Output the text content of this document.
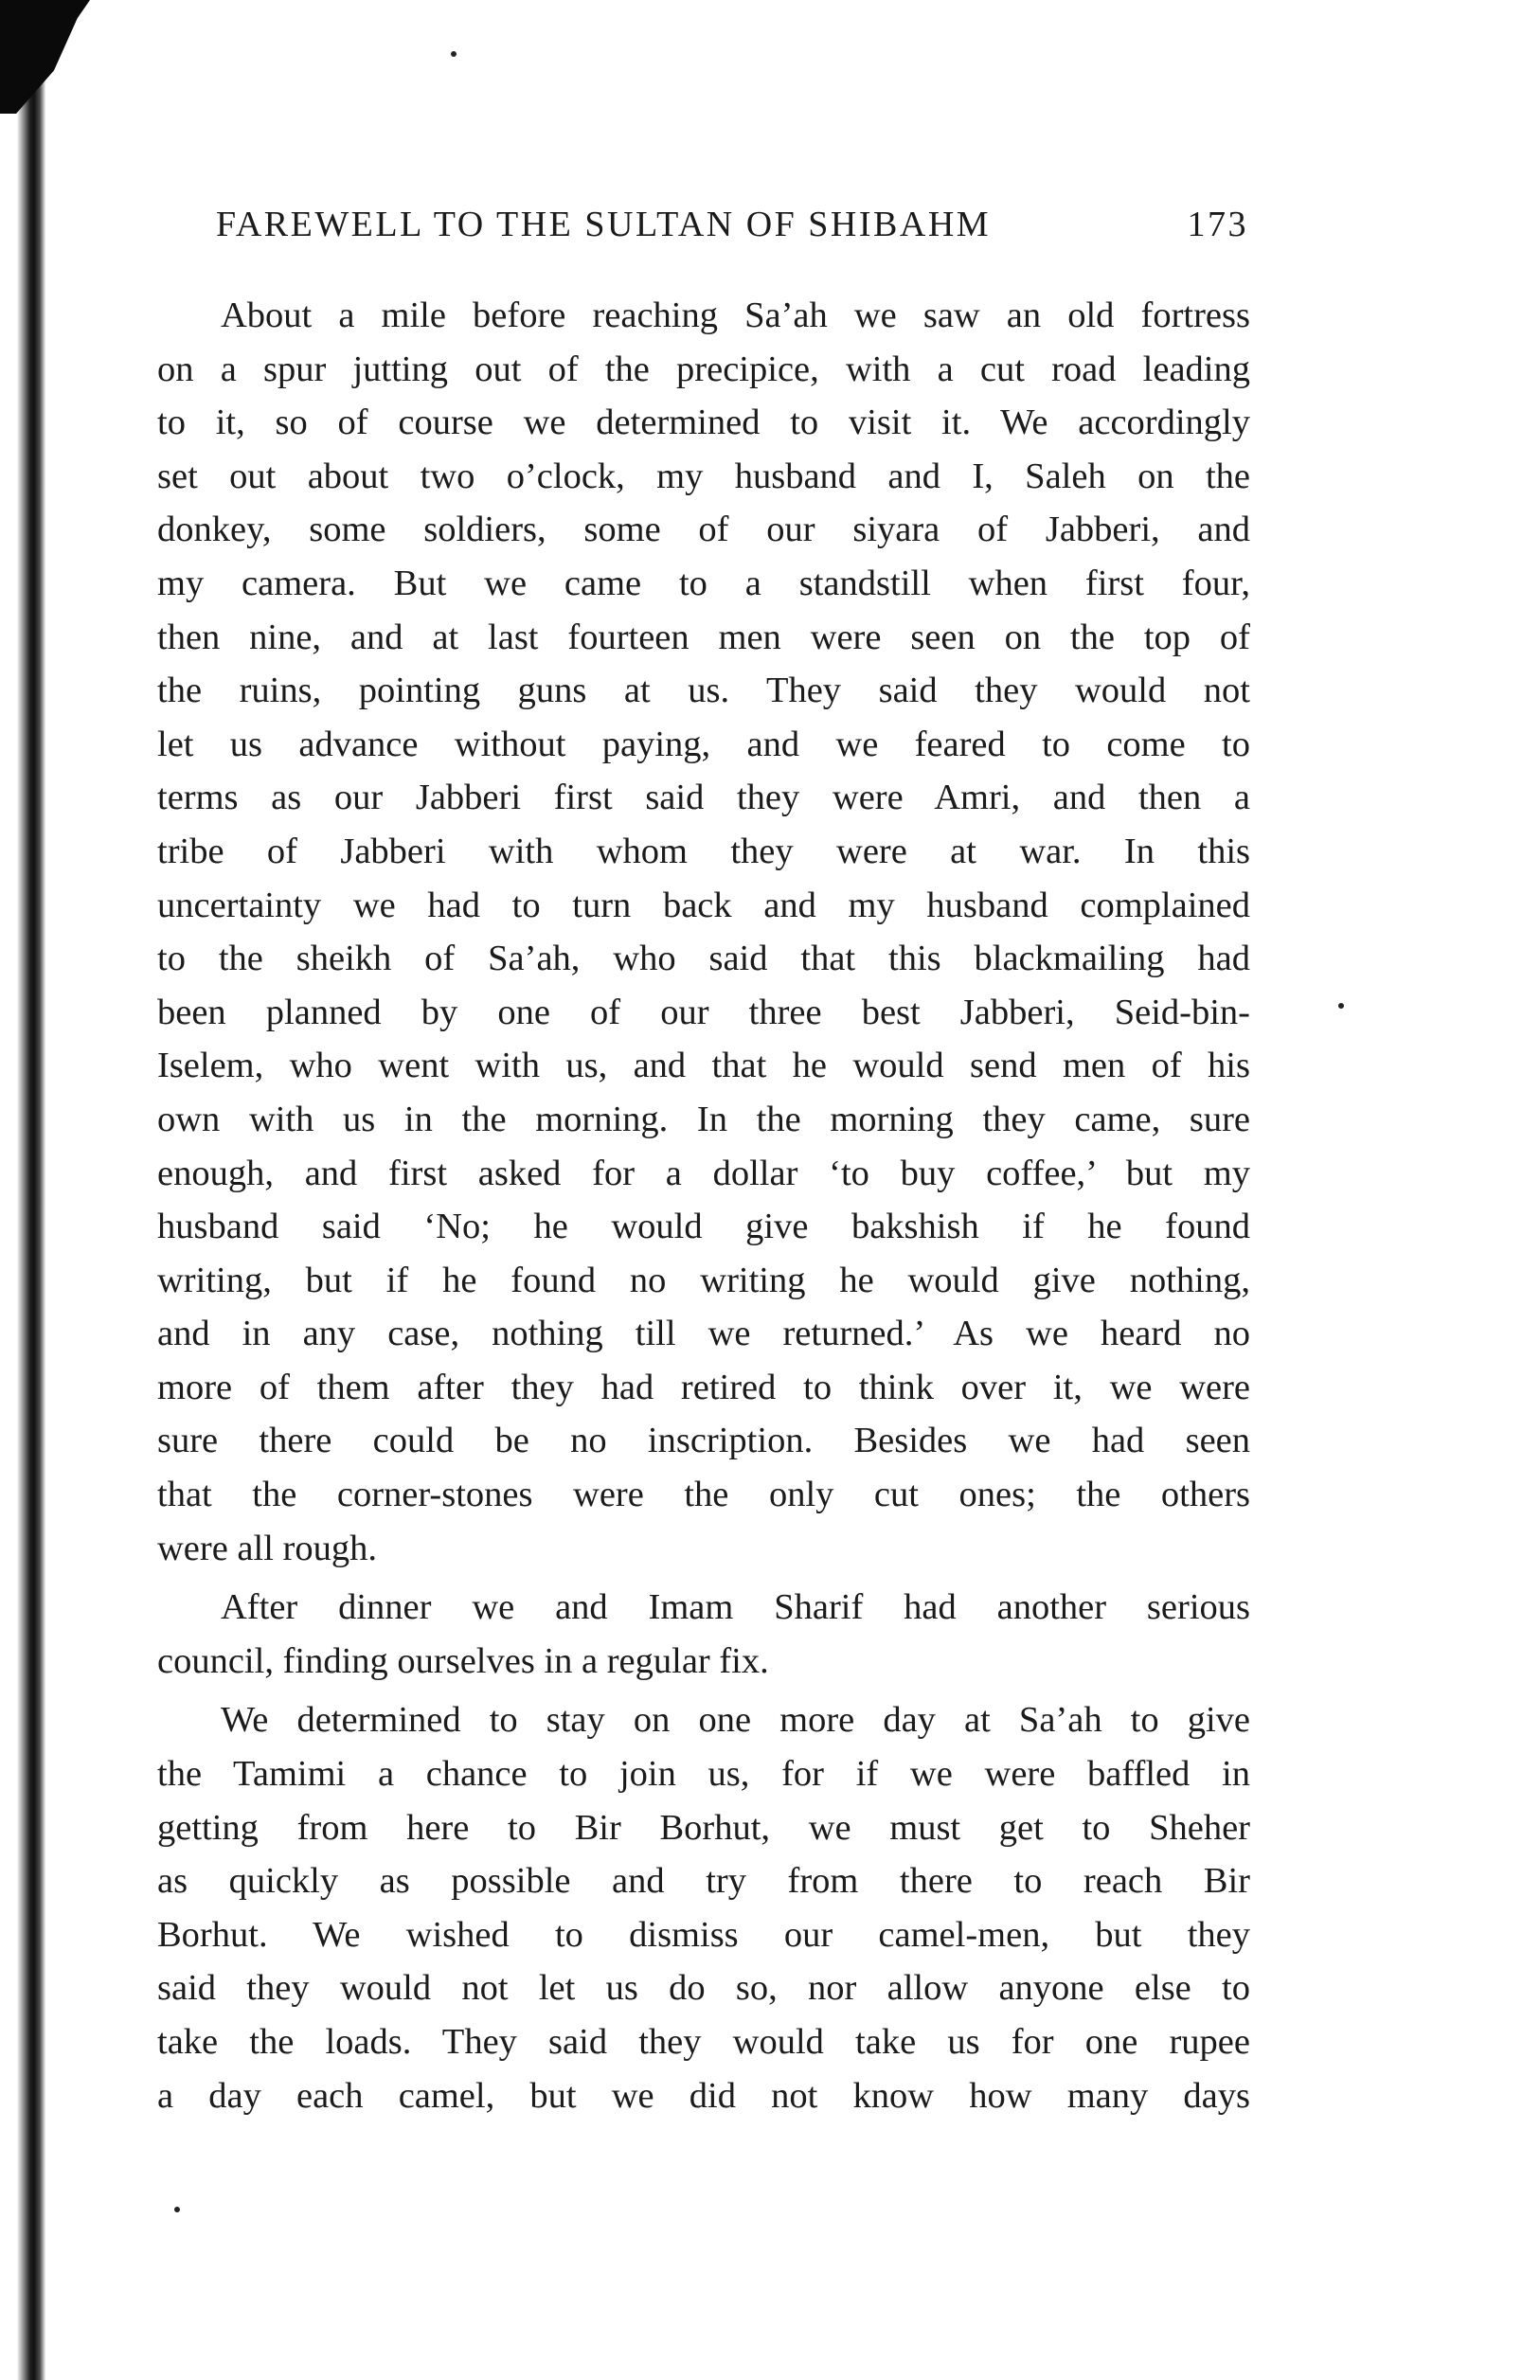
FAREWELL TO THE SULTAN OF SHIBAHM	173
About a mile before reaching Sa’ah we saw an old fortress
on a spur jutting out of the precipice, with a cut road leading
to it, so of course we determined to visit it. We accordingly
set out about two o’clock, my husband and I, Saleh on the
donkey, some soldiers, some of our siyara of Jabberi, and
my camera. But we came to a standstill when first four,
then nine, and at last fourteen men were seen on the top of
the ruins, pointing guns at us. They said they would not
let us advance without paying, and we feared to come to
terms as our Jabberi first said they were Amri, and then a
tribe of Jabberi with whom they were at war. In this
uncertainty we had to turn back and my husband complained
to the sheikh of Sa’ah, who said that this blackmailing had
been planned by one of our three best Jabberi, Seid-bin-
Iselem, who went with us, and that he would send men of his
own with us in the morning. In the morning they came, sure
enough, and first asked for a dollar ‘to buy coffee,’ but my
husband said ‘No; he would give bakshish if he found
writing, but if he found no writing he would give nothing,
and in any case, nothing till we returned.’ As we heard no
more of them after they had retired to think over it, we were
sure there could be no inscription. Besides we had seen
that the corner-stones were the only cut ones; the others
were all rough.
After dinner we and Imam Sharif had another serious
council, finding ourselves in a regular fix.
We determined to stay on one more day at Sa’ah to give
the Tamimi a chance to join us, for if we were baffled in
getting from here to Bir Borhut, we must get to Sheher
as quickly as possible and try from there to reach Bir
Borhut. We wished to dismiss our camel-men, but they
said they would not let us do so, nor allow anyone else to
take the loads. They said they would take us for one rupee
a day each camel, but we did not know how many days
